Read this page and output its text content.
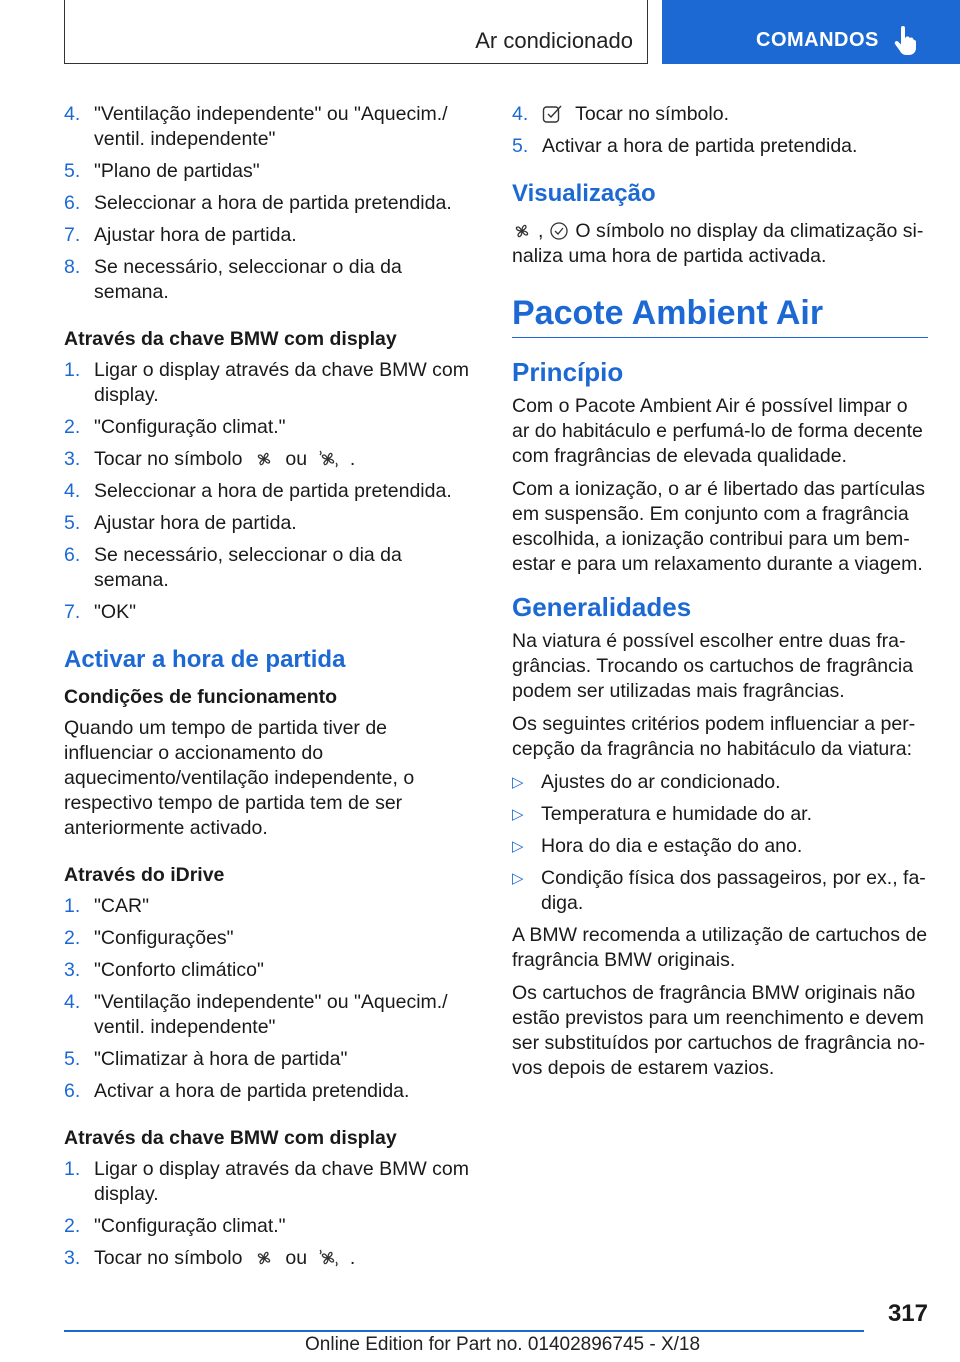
Ar condicionado	COMANDOS
4. "Ventilação independente" ou "Aquecim./ ventil. independente"
5. "Plano de partidas"
6. Seleccionar a hora de partida pretendida.
7. Ajustar hora de partida.
8. Se necessário, seleccionar o dia da semana.
Através da chave BMW com display
1. Ligar o display através da chave BMW com display.
2. "Configuração climat."
3. Tocar no símbolo ou .
4. Seleccionar a hora de partida pretendida.
5. Ajustar hora de partida.
6. Se necessário, seleccionar o dia da semana.
7. "OK"
Activar a hora de partida
Condições de funcionamento

Quando um tempo de partida tiver de influenciar o accionamento do aquecimento/ventilação independente, o respectivo tempo de partida tem de ser anteriormente activado.

Através do iDrive
1. "CAR"
2. "Configurações"
3. "Conforto climático"
4. "Ventilação independente" ou "Aquecim./ ventil. independente"
5. "Climatizar à hora de partida"
6. Activar a hora de partida pretendida.
Através da chave BMW com display
1. Ligar o display através da chave BMW com display.
2. "Configuração climat."
3. Tocar no símbolo ou .
4.	Tocar no símbolo.
5. Activar a hora de partida pretendida.
Visualização

, O símbolo no display da climatização sinaliza uma hora de partida activada.

Pacote Ambient Air
Princípio

Com o Pacote Ambient Air é possível limpar o ar do habitáculo e perfumá-lo de forma decente com fragrâncias de elevada qualidade.

Com a ionização, o ar é libertado das partículas em suspensão. Em conjunto com a fragrância escolhida, a ionização contribui para um bem-estar e para um relaxamento durante a viagem.

Generalidades

Na viatura é possível escolher entre duas fragrâncias. Trocando os cartuchos de fragrância podem ser utilizadas mais fragrâncias.

Os seguintes critérios podem influenciar a percepção da fragrância no habitáculo da viatura:

▷ Ajustes do ar condicionado.
▷ Temperatura e humidade do ar.
▷ Hora do dia e estação do ano.
▷ Condição física dos passageiros, por ex., fadiga.

A BMW recomenda a utilização de cartuchos de fragrância BMW originais.

Os cartuchos de fragrância BMW originais não estão previstos para um reenchimento e devem ser substituídos por cartuchos de fragrância novos depois de estarem vazios.

317
Online Edition for Part no. 01402896745 - X/18
